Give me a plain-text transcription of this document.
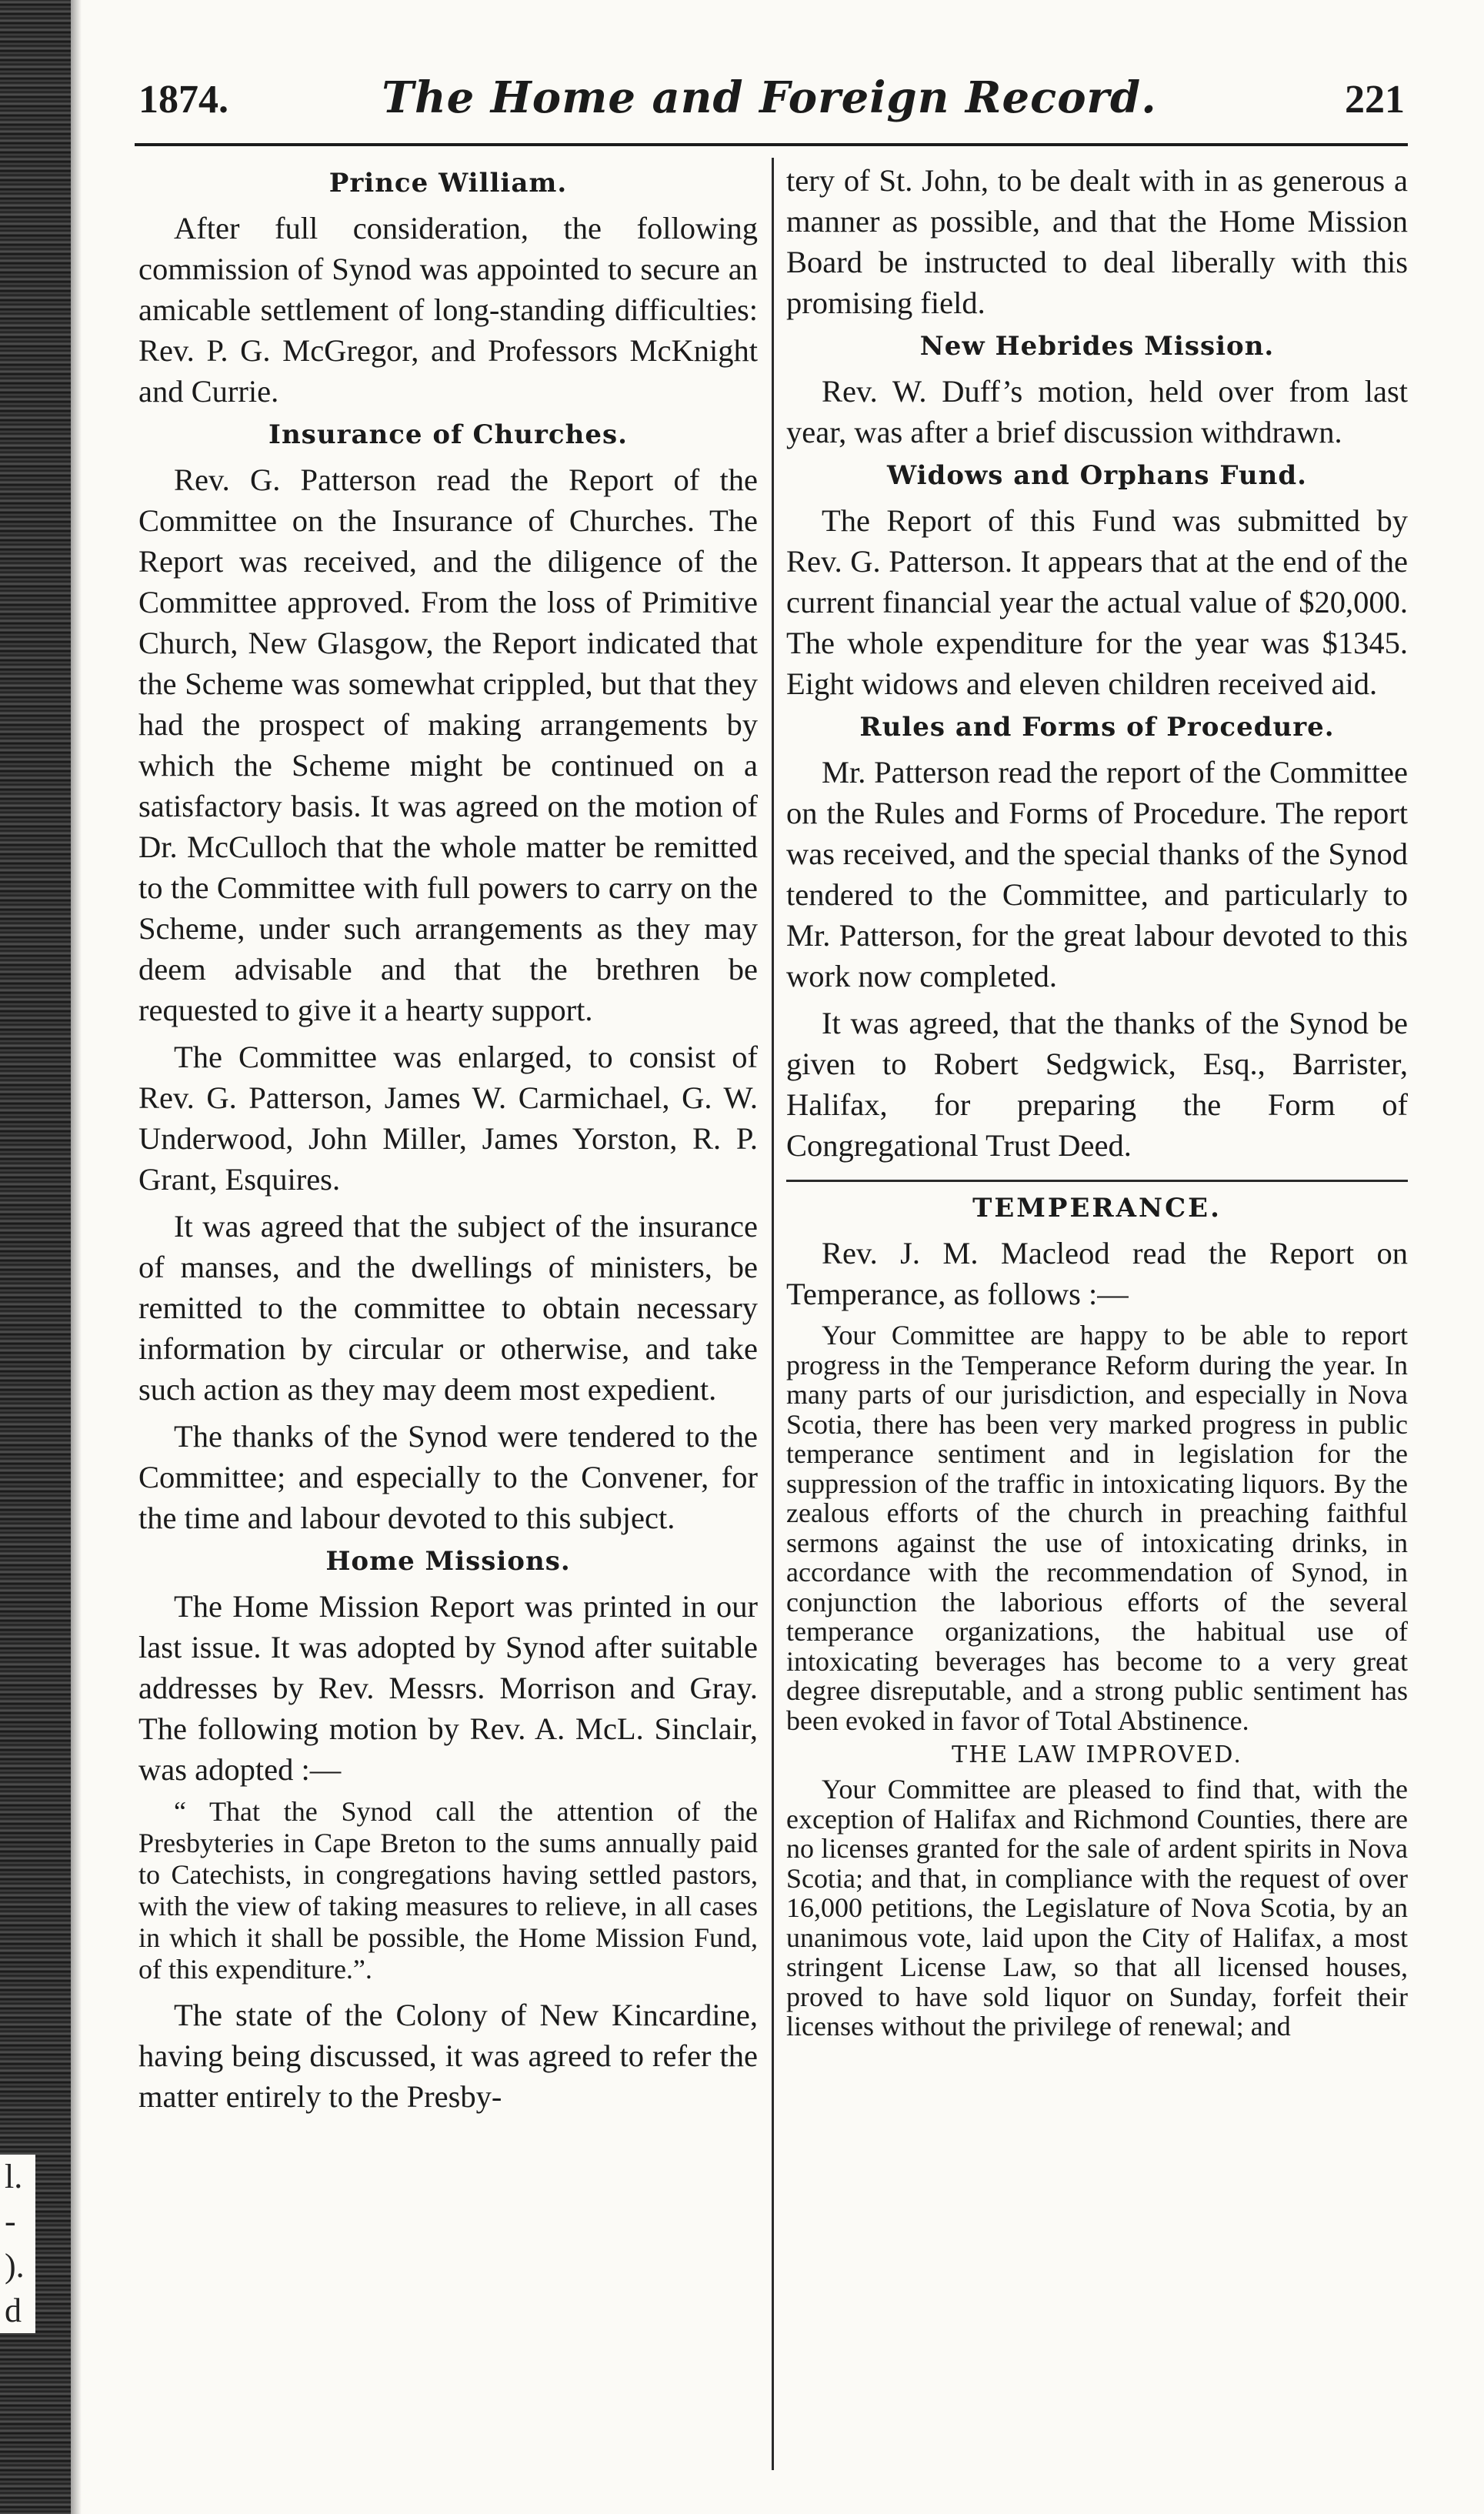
l.
-
).
d
1874.	The Home and Foreign Record.	221
Prince William.

After full consideration, the following commission of Synod was appointed to secure an amicable settlement of long-standing difficulties: Rev. P. G. McGregor, and Professors McKnight and Currie.

Insurance of Churches.

Rev. G. Patterson read the Report of the Committee on the Insurance of Churches. The Report was received, and the diligence of the Committee approved. From the loss of Primitive Church, New Glasgow, the Report indicated that the Scheme was somewhat crippled, but that they had the prospect of making arrangements by which the Scheme might be continued on a satisfactory basis. It was agreed on the motion of Dr. McCulloch that the whole matter be remitted to the Committee with full powers to carry on the Scheme, under such arrangements as they may deem advisable and that the brethren be requested to give it a hearty support.

The Committee was enlarged, to consist of Rev. G. Patterson, James W. Carmichael, G. W. Underwood, John Miller, James Yorston, R. P. Grant, Esquires.

It was agreed that the subject of the insurance of manses, and the dwellings of ministers, be remitted to the committee to obtain necessary information by circular or otherwise, and take such action as they may deem most expedient.

The thanks of the Synod were tendered to the Committee; and especially to the Convener, for the time and labour devoted to this subject.

Home Missions.

The Home Mission Report was printed in our last issue. It was adopted by Synod after suitable addresses by Rev. Messrs. Morrison and Gray. The following motion by Rev. A. McL. Sinclair, was adopted :—

“ That the Synod call the attention of the Presbyteries in Cape Breton to the sums annually paid to Catechists, in congregations having settled pastors, with the view of taking measures to relieve, in all cases in which it shall be possible, the Home Mission Fund, of this expenditure.”.

The state of the Colony of New Kincardine, having being discussed, it was agreed to refer the matter entirely to the Presby-

tery of St. John, to be dealt with in as generous a manner as possible, and that the Home Mission Board be instructed to deal liberally with this promising field.

New Hebrides Mission.

Rev. W. Duff’s motion, held over from last year, was after a brief discussion withdrawn.

Widows and Orphans Fund.

The Report of this Fund was submitted by Rev. G. Patterson. It appears that at the end of the current financial year the actual value of $20,000. The whole expenditure for the year was $1345. Eight widows and eleven children received aid.

Rules and Forms of Procedure.

Mr. Patterson read the report of the Committee on the Rules and Forms of Procedure. The report was received, and the special thanks of the Synod tendered to the Committee, and particularly to Mr. Patterson, for the great labour devoted to this work now completed.

It was agreed, that the thanks of the Synod be given to Robert Sedgwick, Esq., Barrister, Halifax, for preparing the Form of Congregational Trust Deed.

TEMPERANCE.

Rev. J. M. Macleod read the Report on Temperance, as follows :—

Your Committee are happy to be able to report progress in the Temperance Reform during the year. In many parts of our jurisdiction, and especially in Nova Scotia, there has been very marked progress in public temperance sentiment and in legislation for the suppression of the traffic in intoxicating liquors. By the zealous efforts of the church in preaching faithful sermons against the use of intoxicating drinks, in accordance with the recommendation of Synod, in conjunction the laborious efforts of the several temperance organizations, the habitual use of intoxicating beverages has become to a very great degree disreputable, and a strong public sentiment has been evoked in favor of Total Abstinence.

THE LAW IMPROVED.

Your Committee are pleased to find that, with the exception of Halifax and Richmond Counties, there are no licenses granted for the sale of ardent spirits in Nova Scotia; and that, in compliance with the request of over 16,000 petitions, the Legislature of Nova Scotia, by an unanimous vote, laid upon the City of Halifax, a most stringent License Law, so that all licensed houses, proved to have sold liquor on Sunday, forfeit their licenses without the privilege of renewal; and
